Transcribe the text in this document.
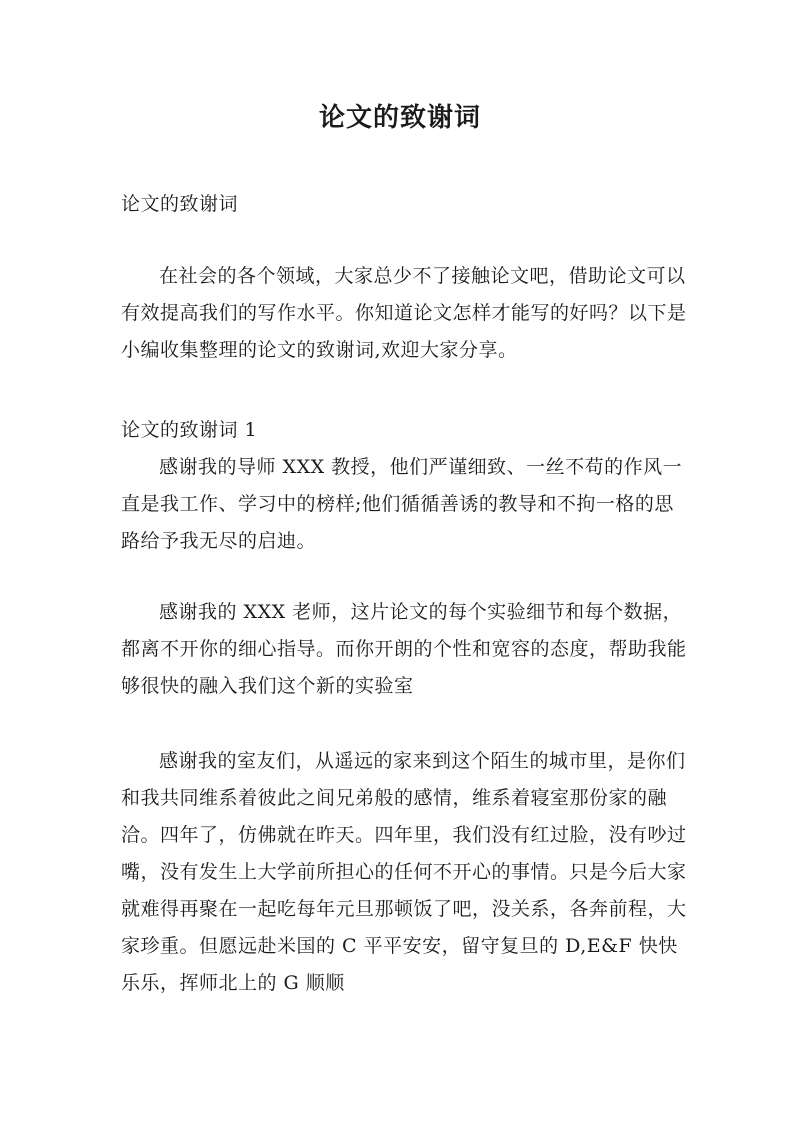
论文的致谢词
论文的致谢词
在社会的各个领域，大家总少不了接触论文吧，借助论文可以有效提高我们的写作水平。你知道论文怎样才能写的好吗？以下是小编收集整理的论文的致谢词,欢迎大家分享。
论文的致谢词 1
感谢我的导师 XXX 教授，他们严谨细致、一丝不苟的作风一直是我工作、学习中的榜样;他们循循善诱的教导和不拘一格的思路给予我无尽的启迪。
感谢我的 XXX 老师，这片论文的每个实验细节和每个数据，都离不开你的细心指导。而你开朗的个性和宽容的态度，帮助我能够很快的融入我们这个新的实验室
感谢我的室友们，从遥远的家来到这个陌生的城市里，是你们和我共同维系着彼此之间兄弟般的感情，维系着寝室那份家的融洽。四年了，仿佛就在昨天。四年里，我们没有红过脸，没有吵过嘴，没有发生上大学前所担心的任何不开心的事情。只是今后大家就难得再聚在一起吃每年元旦那顿饭了吧，没关系，各奔前程，大家珍重。但愿远赴米国的 C 平平安安，留守复旦的 D,E&F 快快乐乐，挥师北上的 G 顺顺
